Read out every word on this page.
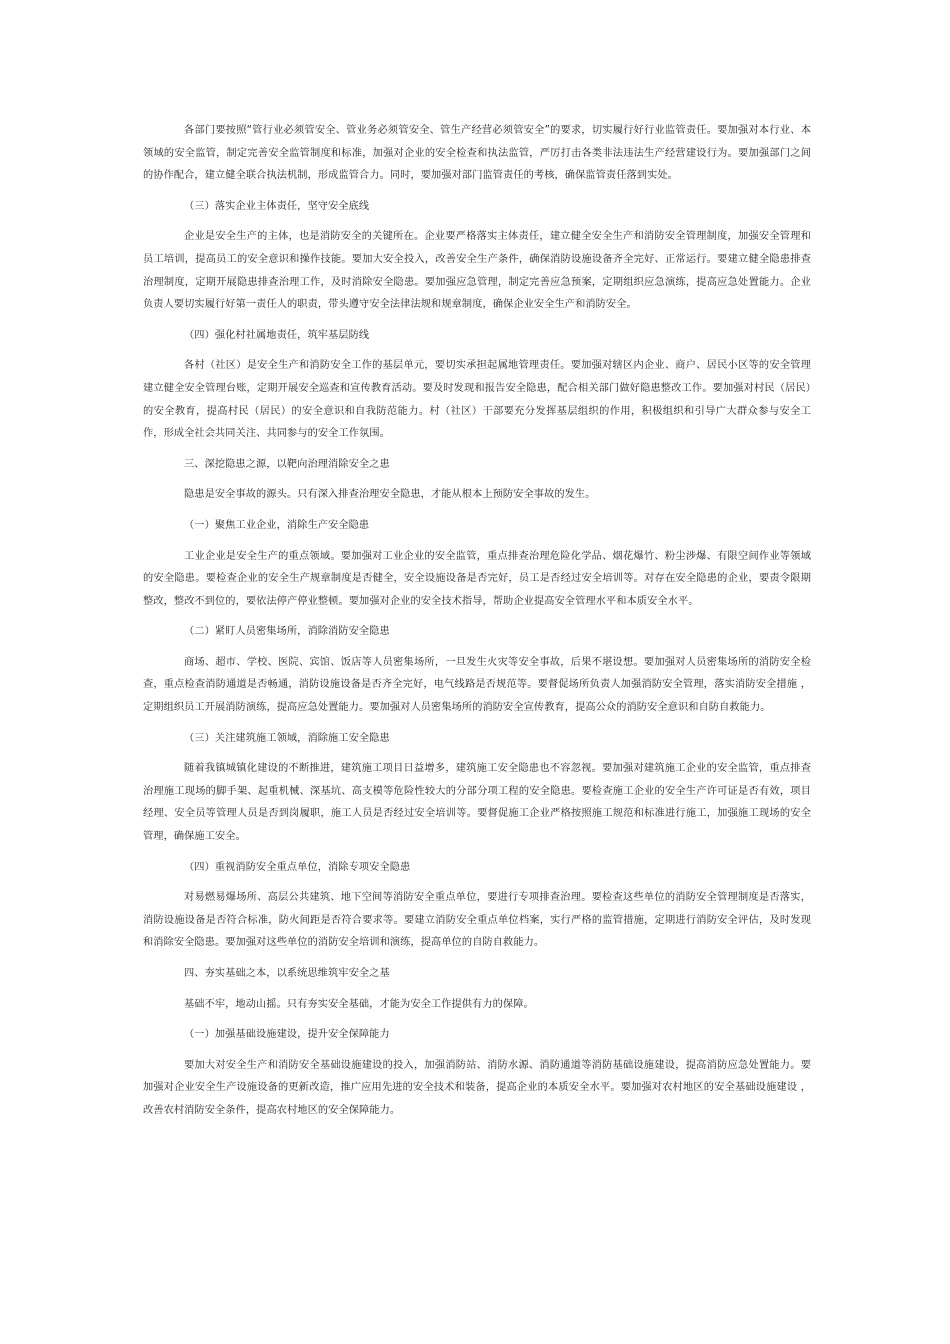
各部门要按照“管行业必须管安全、管业务必须管安全、管生产经营必须管安全”的要求，切实履行好行业监管责任。要加强对本行业、本领域的安全监管，制定完善安全监管制度和标准，加强对企业的安全检查和执法监管，严厉打击各类非法违法生产经营建设行为。要加强部门之间的协作配合，建立健全联合执法机制，形成监管合力。同时，要加强对部门监管责任的考核，确保监管责任落到实处。

（三）落实企业主体责任，坚守安全底线

企业是安全生产的主体，也是消防安全的关键所在。企业要严格落实主体责任，建立健全安全生产和消防安全管理制度，加强安全管理和员工培训，提高员工的安全意识和操作技能。要加大安全投入，改善安全生产条件，确保消防设施设备齐全完好、正常运行。要建立健全隐患排查治理制度，定期开展隐患排查治理工作，及时消除安全隐患。要加强应急管理，制定完善应急预案，定期组织应急演练，提高应急处置能力。企业负责人要切实履行好第一责任人的职责，带头遵守安全法律法规和规章制度，确保企业安全生产和消防安全。

（四）强化村社属地责任，筑牢基层防线

各村（社区）是安全生产和消防安全工作的基层单元，要切实承担起属地管理责任。要加强对辖区内企业、商户、居民小区等的安全管理建立健全安全管理台账，定期开展安全巡查和宣传教育活动。要及时发现和报告安全隐患，配合相关部门做好隐患整改工作。要加强对村民（居民）的安全教育，提高村民（居民）的安全意识和自我防范能力。村（社区）干部要充分发挥基层组织的作用，积极组织和引导广大群众参与安全工作，形成全社会共同关注、共同参与的安全工作氛围。

三、深挖隐患之源，以靶向治理消除安全之患

隐患是安全事故的源头。只有深入排查治理安全隐患，才能从根本上预防安全事故的发生。

（一）聚焦工业企业，消除生产安全隐患

工业企业是安全生产的重点领域。要加强对工业企业的安全监管，重点排查治理危险化学品、烟花爆竹、粉尘涉爆、有限空间作业等领域的安全隐患。要检查企业的安全生产规章制度是否健全，安全设施设备是否完好，员工是否经过安全培训等。对存在安全隐患的企业，要责令限期整改，整改不到位的，要依法停产停业整顿。要加强对企业的安全技术指导，帮助企业提高安全管理水平和本质安全水平。

（二）紧盯人员密集场所，消除消防安全隐患

商场、超市、学校、医院、宾馆、饭店等人员密集场所，一旦发生火灾等安全事故，后果不堪设想。要加强对人员密集场所的消防安全检查，重点检查消防通道是否畅通，消防设施设备是否齐全完好，电气线路是否规范等。要督促场所负责人加强消防安全管理，落实消防安全措施 ，定期组织员工开展消防演练，提高应急处置能力。要加强对人员密集场所的消防安全宣传教育，提高公众的消防安全意识和自防自救能力。

（三）关注建筑施工领域，消除施工安全隐患

随着我镇城镇化建设的不断推进，建筑施工项目日益增多，建筑施工安全隐患也不容忽视。要加强对建筑施工企业的安全监管，重点排查治理施工现场的脚手架、起重机械、深基坑、高支模等危险性较大的分部分项工程的安全隐患。要检查施工企业的安全生产许可证是否有效，项目经理、安全员等管理人员是否到岗履职，施工人员是否经过安全培训等。要督促施工企业严格按照施工规范和标准进行施工，加强施工现场的安全管理，确保施工安全。

（四）重视消防安全重点单位，消除专项安全隐患

对易燃易爆场所、高层公共建筑、地下空间等消防安全重点单位，要进行专项排查治理。要检查这些单位的消防安全管理制度是否落实，消防设施设备是否符合标准，防火间距是否符合要求等。要建立消防安全重点单位档案，实行严格的监管措施，定期进行消防安全评估，及时发现和消除安全隐患。要加强对这些单位的消防安全培训和演练，提高单位的自防自救能力。

四、夯实基础之本，以系统思维筑牢安全之基

基础不牢，地动山摇。只有夯实安全基础，才能为安全工作提供有力的保障。

（一）加强基础设施建设，提升安全保障能力

要加大对安全生产和消防安全基础设施建设的投入，加强消防站、消防水源、消防通道等消防基础设施建设，提高消防应急处置能力。要加强对企业安全生产设施设备的更新改造，推广应用先进的安全技术和装备，提高企业的本质安全水平。要加强对农村地区的安全基础设施建设 ，改善农村消防安全条件，提高农村地区的安全保障能力。
